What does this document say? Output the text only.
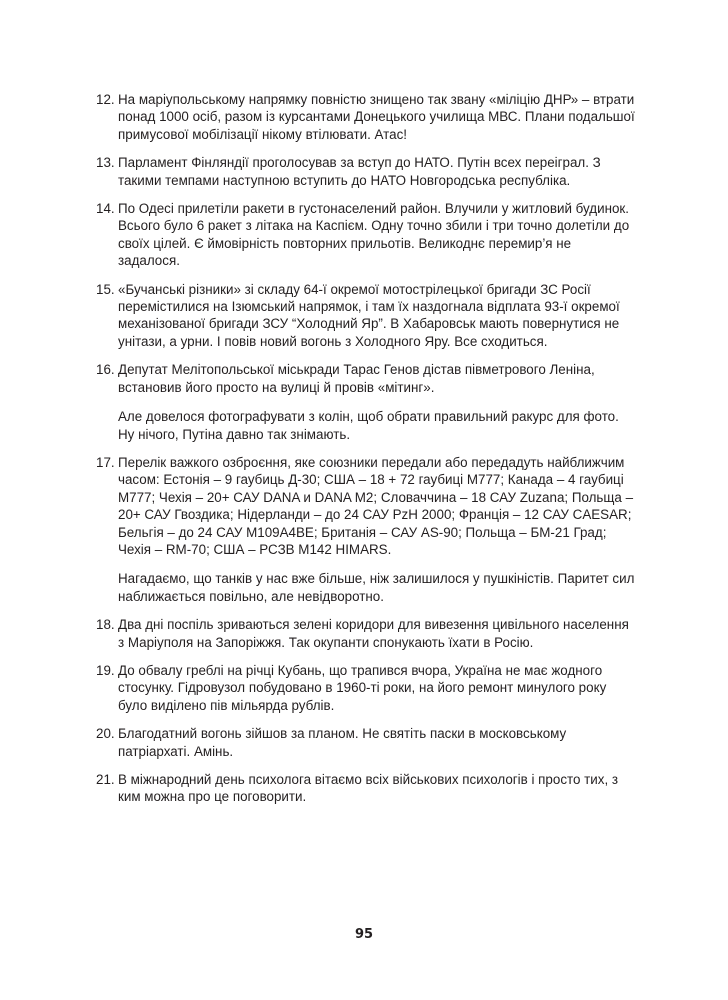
12. На маріупольському напрямку повністю знищено так звану «міліцію ДНР» – втрати понад 1000 осіб, разом із курсантами Донецького училища МВС. Плани подальшої примусової мобілізації нікому втілювати. Атас!

13. Парламент Фінляндії проголосував за вступ до НАТО. Путін всех переіграл. З такими темпами наступною вступить до НАТО Новгородська республіка.

14. По Одесі прилетіли ракети в густонаселений район. Влучили у житловий будинок. Всього було 6 ракет з літака на Каспієм. Одну точно збили і три точно долетіли до своїх цілей. Є ймовірність повторних прильотів. Великоднє перемир’я не задалося.

15. «Бучанські різники» зі складу 64-ї окремої мотострілецької бригади ЗС Росії перемістилися на Ізюмський напрямок, і там їх наздогнала відплата 93-ї окремої механізованої бригади ЗСУ “Холодний Яр”. В Хабаровськ мають повернутися не унітази, а урни. І повів новий вогонь з Холодного Яру. Все сходиться.

16. Депутат Мелітопольської міськради Тарас Генов дістав півметрового Леніна, встановив його просто на вулиці й провів «мітинг».

Але довелося фотографувати з колін, щоб обрати правильний ракурс для фото. Ну нічого, Путіна давно так знімають.

17. Перелік важкого озброєння, яке союзники передали або передадуть найближчим часом: Естонія – 9 гаубиць Д-30; США – 18 + 72 гаубиці M777; Канада – 4 гаубиці M777; Чехія – 20+ САУ DANA и DANA M2; Словаччина – 18 САУ Zuzana; Польща – 20+ САУ Гвоздика; Нідерланди – до 24 САУ PzH 2000; Франція – 12 САУ CAESAR; Бельгія – до 24 САУ M109A4BE; Британія – САУ AS-90; Польща – БМ-21 Град; Чехія – RM-70; США – РСЗВ M142 HIMARS.

Нагадаємо, що танків у нас вже більше, ніж залишилося у пушкіністів. Паритет сил наближається повільно, але невідворотно.

18. Два дні поспіль зриваються зелені коридори для вивезення цивільного населення з Маріуполя на Запоріжжя. Так окупанти спонукають їхати в Росію.

19. До обвалу греблі на річці Кубань, що трапився вчора, Україна не має жодного стосунку. Гідровузол побудовано в 1960-ті роки, на його ремонт минулого року було виділено пів мільярда рублів.

20. Благодатний вогонь зійшов за планом. Не святіть паски в московському патріархаті. Амінь.

21. В міжнародний день психолога вітаємо всіх військових психологів і просто тих, з ким можна про це поговорити.

95
